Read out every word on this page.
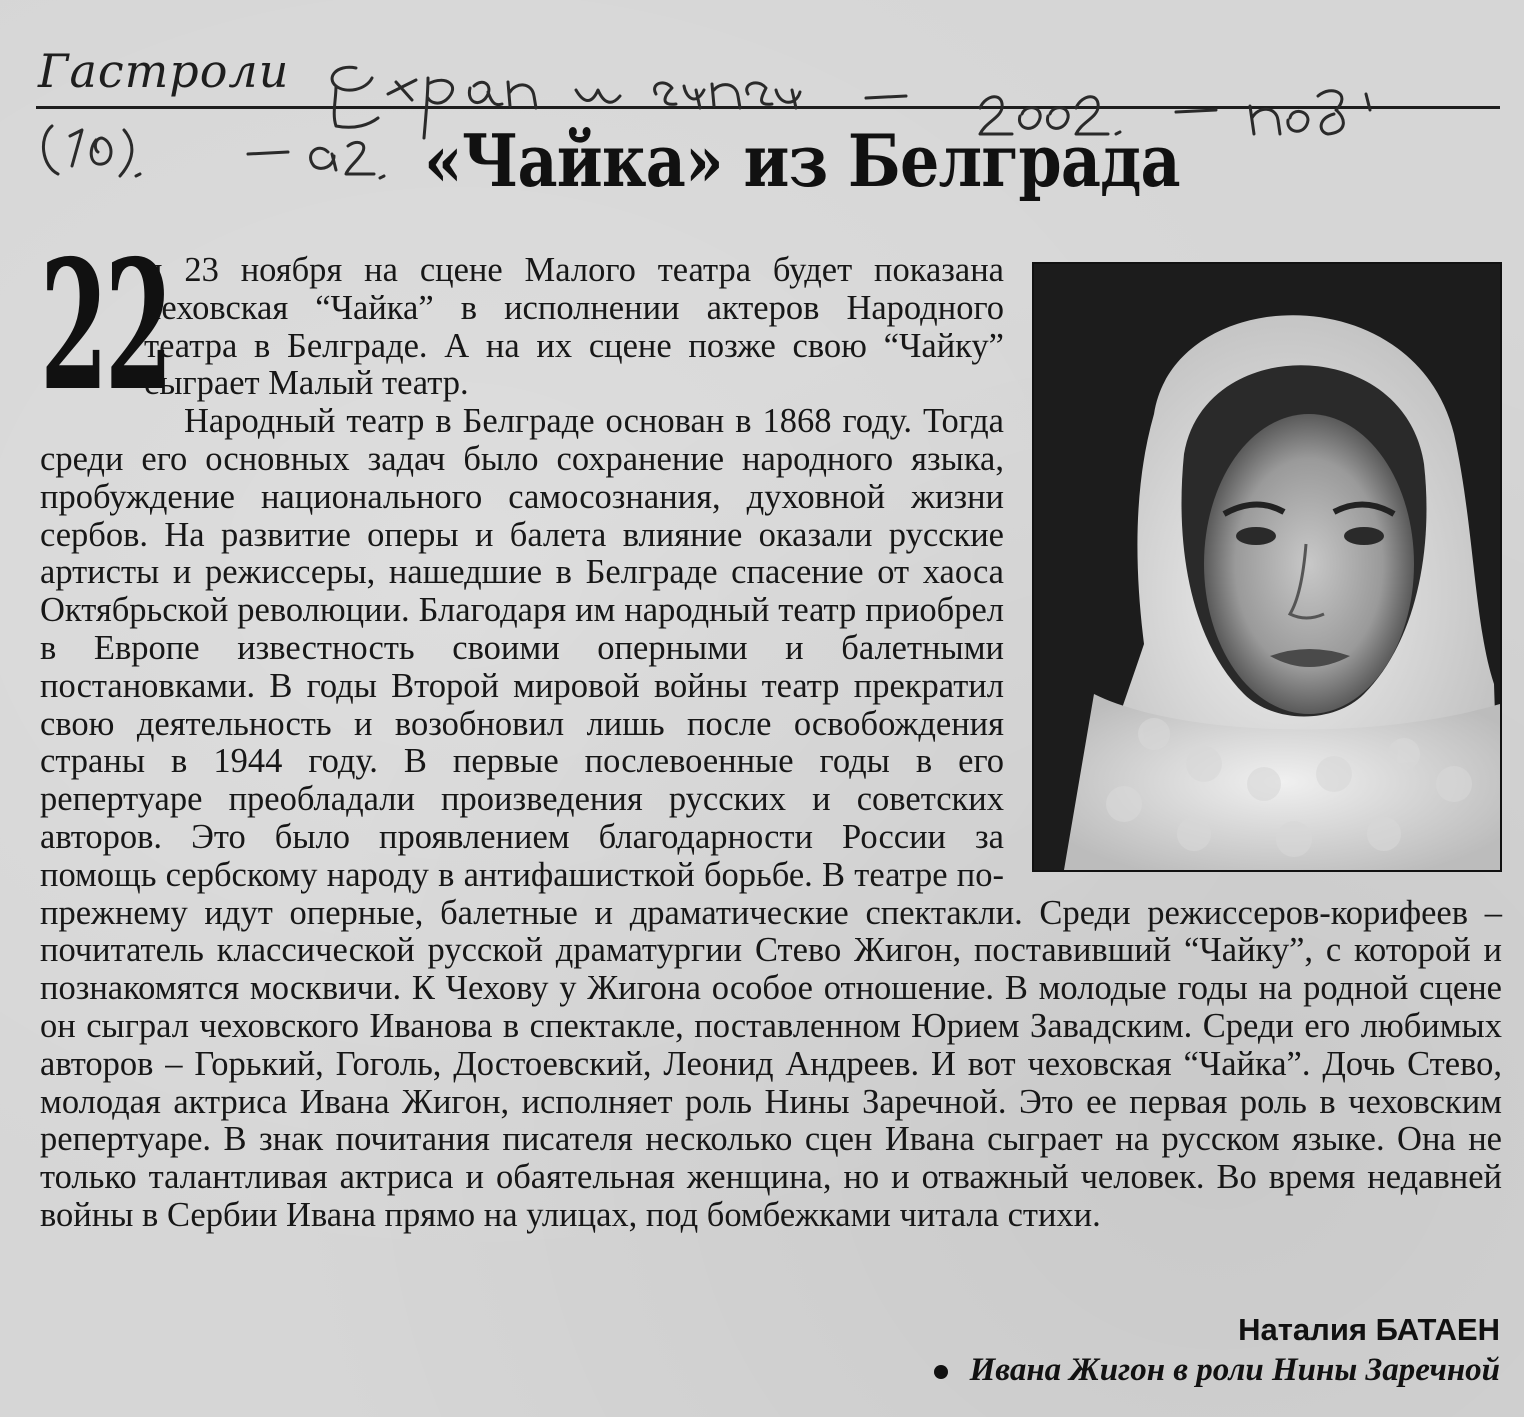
Гастроли
«Чайка» из Белграда

22
и 23 ноября на сцене Малого театра будет показана чеховская “Чайка” в исполнении актеров Народного театра в Белграде. А на их сцене позже свою “Чайку” сыграет Малый театр.

Народный театр в Белграде основан в 1868 году. Тогда среди его основных задач было сохранение народного языка, пробуждение национального самосознания, духовной жизни сербов. На развитие оперы и балета влияние оказали русские артисты и режиссеры, нашедшие в Белграде спасение от хаоса Октябрьской революции. Благодаря им народный театр приобрел в Европе известность своими оперными и балетными постановками. В годы Второй мировой войны театр прекратил свою деятельность и возобновил лишь после освобождения страны в 1944 году. В первые послевоенные годы в его репертуаре преобладали произведения русских и советских авторов. Это было проявлением благодарности России за помощь сербскому народу в антифашисткой борьбе. В театре по-прежнему идут оперные, балетные и драматические спектакли. Среди режиссеров-корифеев – почитатель классической русской драматургии Стево Жигон, поставивший “Чайку”, с которой и познакомятся москвичи. К Чехову у Жигона особое отношение. В молодые годы на родной сцене он сыграл чеховского Иванова в спектакле, поставленном Юрием Завадским. Среди его любимых авторов – Горький, Гоголь, Достоевский, Леонид Андреев. И вот чеховская “Чайка”. Дочь Стево, молодая актриса Ивана Жигон, исполняет роль Нины Заречной. Это ее первая роль в чеховским репертуаре. В знак почитания писателя несколько сцен Ивана сыграет на русском языке. Она не только талантливая актриса и обаятельная женщина, но и отважный человек. Во время недавней войны в Сербии Ивана прямо на улицах, под бомбежками читала стихи.

Наталия БАТАЕН
Ивана Жигон в роли Нины Заречной
